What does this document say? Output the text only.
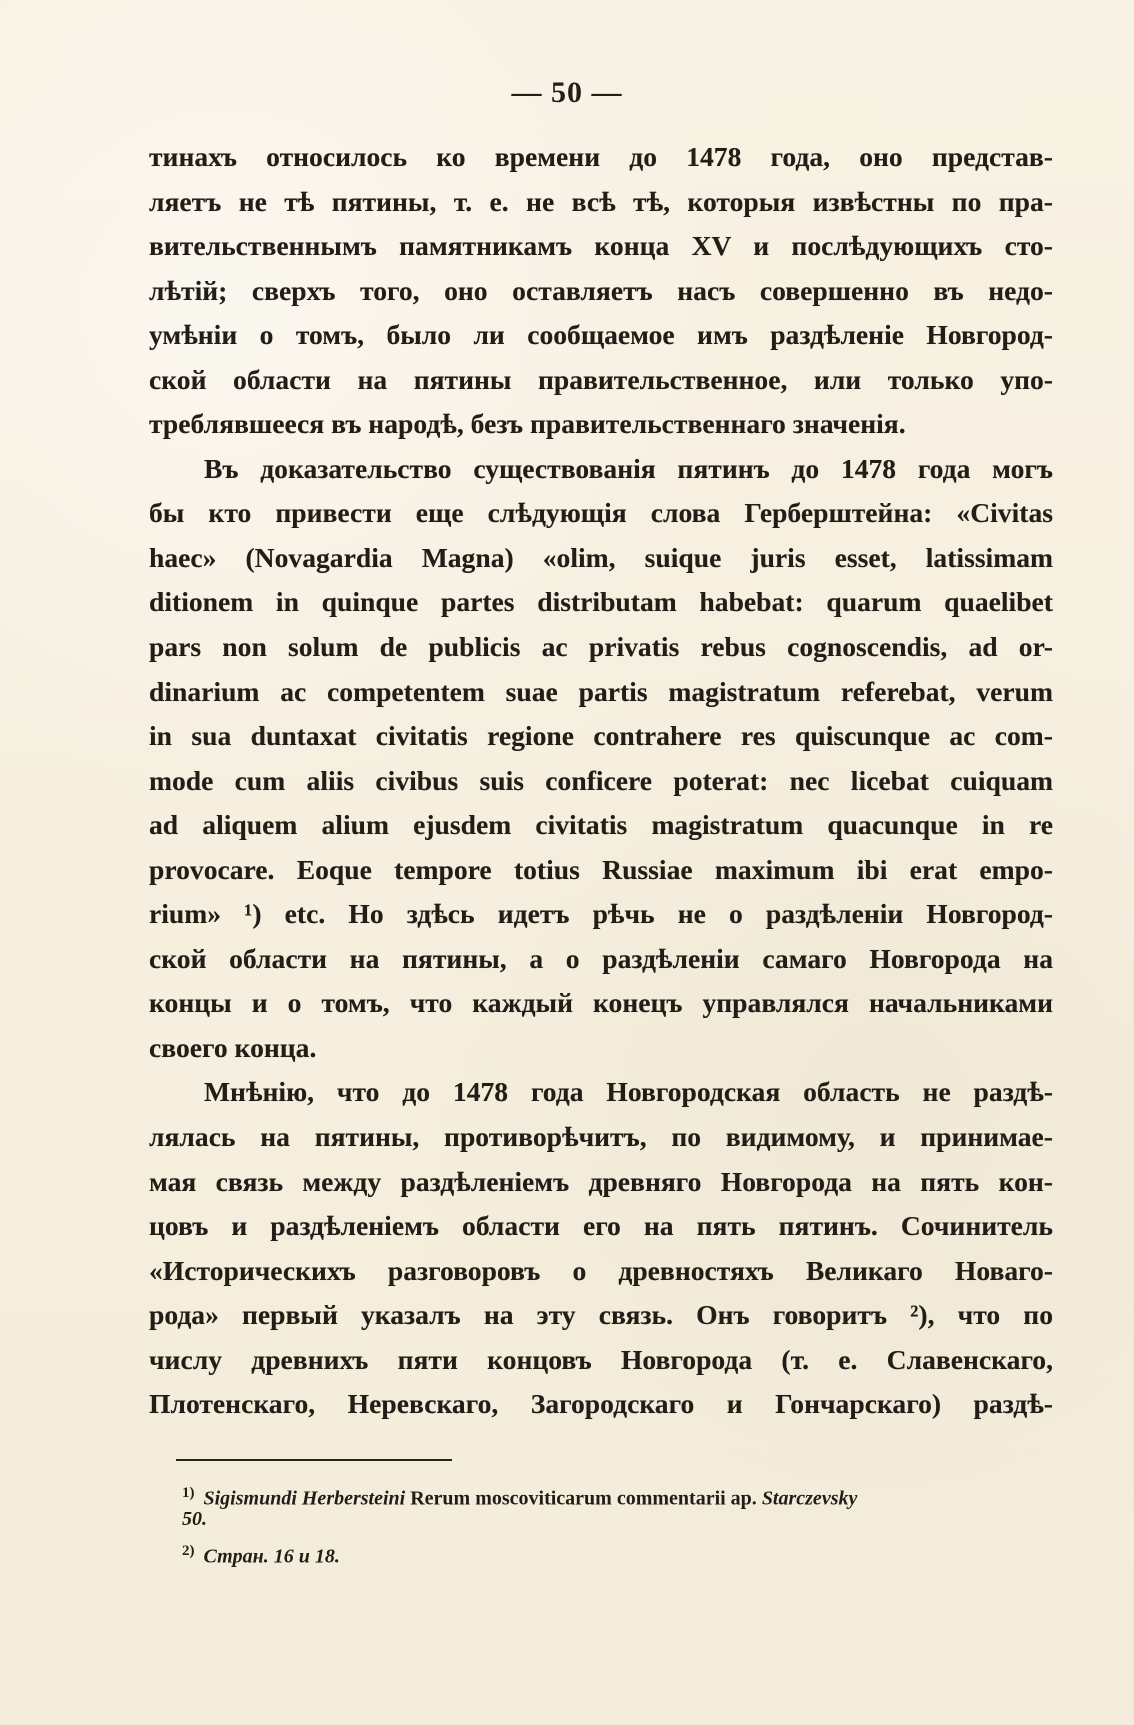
— 50 —
тинахъ относилось ко времени до 1478 года, оно представ-
ляетъ не тѣ пятины, т. е. не всѣ тѣ, которыя извѣстны по пра-
вительственнымъ памятникамъ конца XV и послѣдующихъ сто-
лѣтій; сверхъ того, оно оставляетъ насъ совершенно въ недо-
умѣніи о томъ, было ли сообщаемое имъ раздѣленіе Новгород-
ской области на пятины правительственное, или только упо-
треблявшееся въ народѣ, безъ правительственнаго значенія.
Въ доказательство существованія пятинъ до 1478 года могъ
бы кто привести еще слѣдующія слова Герберштейна: «Civitas
haec» (Novagardia Magna) «olim, suique juris esset, latissimam
ditionem in quinque partes distributam habebat: quarum quaelibet
pars non solum de publicis ac privatis rebus cognoscendis, ad or-
dinarium ac competentem suae partis magistratum referebat, verum
in sua duntaxat civitatis regione contrahere res quiscunque ac com-
mode cum aliis civibus suis conficere poterat: nec licebat cuiquam
ad aliquem alium ejusdem civitatis magistratum quacunque in re
provocare. Eoque tempore totius Russiae maximum ibi erat empo-
rium» ¹) etc. Но здѣсь идетъ рѣчь не о раздѣленіи Новгород-
ской области на пятины, а о раздѣленіи самаго Новгорода на
концы и о томъ, что каждый конецъ управлялся начальниками
своего конца.
Мнѣнію, что до 1478 года Новгородская область не раздѣ-
лялась на пятины, противорѣчитъ, по видимому, и принимае-
мая связь между раздѣленіемъ древняго Новгорода на пять кон-
цовъ и раздѣленіемъ области его на пять пятинъ. Сочинитель
«Историческихъ разговоровъ о древностяхъ Великаго Новаго-
рода» первый указалъ на эту связь. Онъ говоритъ ²), что по
числу древнихъ пяти концовъ Новгорода (т. е. Славенскаго,
Плотенскаго, Неревскаго, Загородскаго и Гончарскаго) раздѣ-
$^{1)}$ Sigismundi Herbersteini Rerum moscoviticarum commentarii ap. Starczevsky
50.
$^{2)}$ Стран. 16 и 18.
